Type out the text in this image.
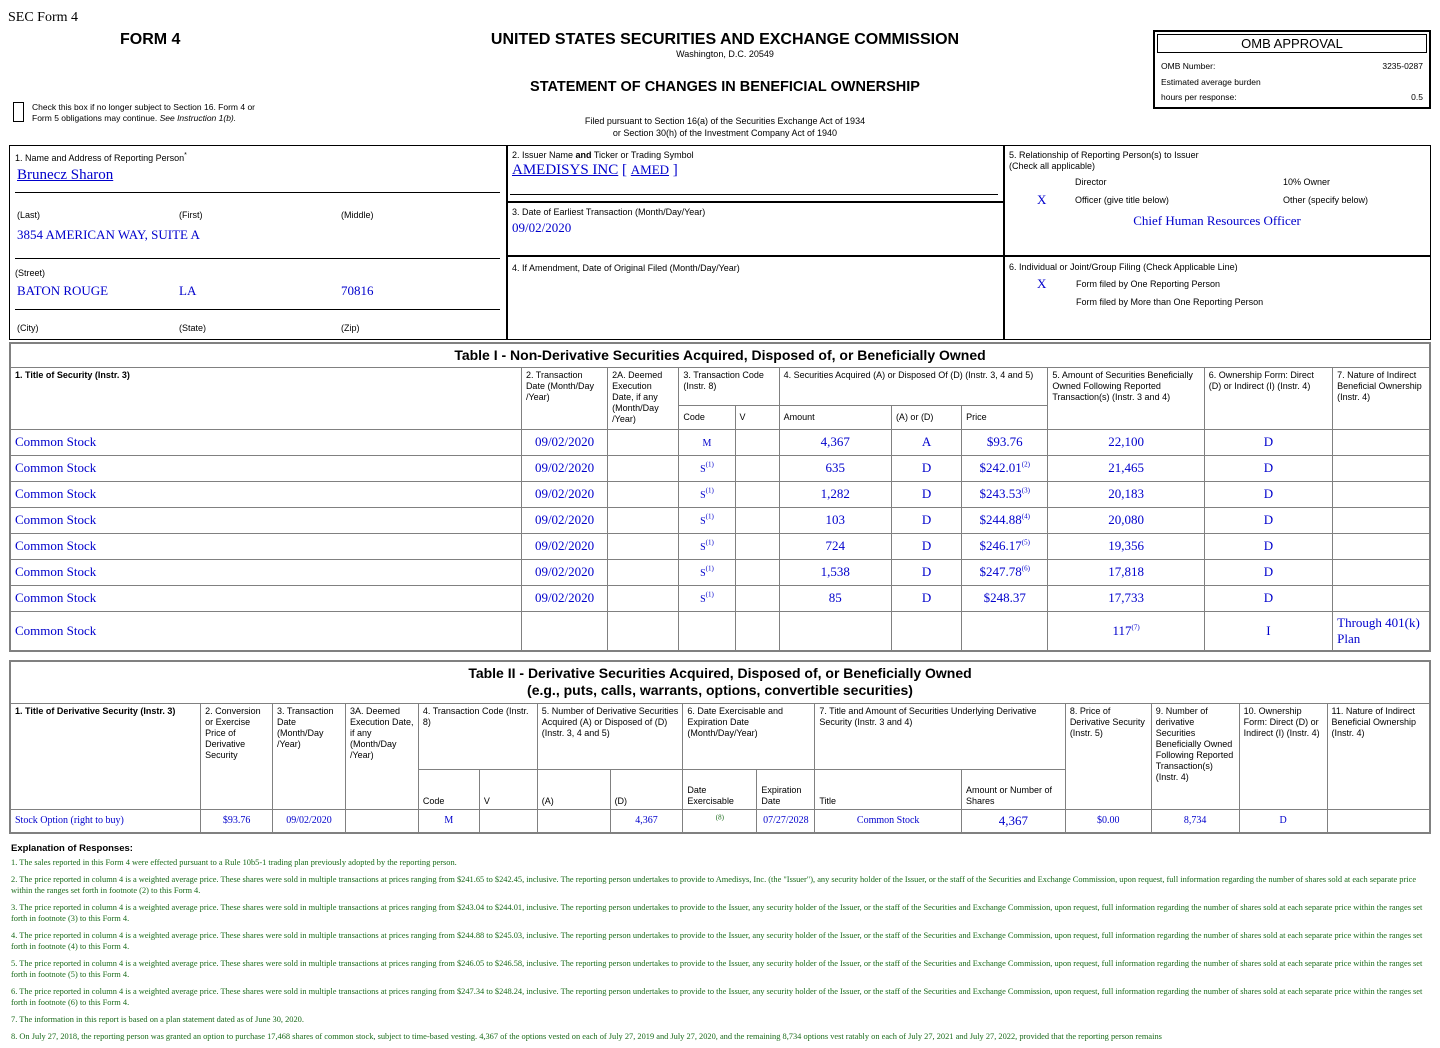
SEC Form 4
FORM 4	UNITED STATES SECURITIES AND EXCHANGE COMMISSION
Washington, D.C. 20549
STATEMENT OF CHANGES IN BENEFICIAL OWNERSHIP
Check this box if no longer subject to Section 16. Form 4 or
Form 5 obligations may continue. See Instruction 1(b).	Filed pursuant to Section 16(a) of the Securities Exchange Act of 1934
or Section 30(h) of the Investment Company Act of 1940
OMB APPROVAL
OMB Number:	3235-0287
Estimated average burden
hours per response:	0.5
1. Name and Address of Reporting Person*
Brunecz Sharon
(Last)	(First)	(Middle)
3854 AMERICAN WAY, SUITE A
(Street)
BATON ROUGE	LA	70816
(City)	(State)	(Zip)
2. Issuer Name and Ticker or Trading Symbol
AMEDISYS INC [ AMED ]
3. Date of Earliest Transaction (Month/Day/Year)
09/02/2020
4. If Amendment, Date of Original Filed (Month/Day/Year)
5. Relationship of Reporting Person(s) to Issuer
(Check all applicable)
Director	10% Owner
X	Officer (give title below)	Other (specify below)
Chief Human Resources Officer
6. Individual or Joint/Group Filing (Check Applicable Line)
X	Form filed by One Reporting Person
Form filed by More than One Reporting Person
Table I - Non-Derivative Securities Acquired, Disposed of, or Beneficially Owned										
1. Title of Security (Instr. 3)	2. Transaction Date (Month/Day /Year)	2A. Deemed Execution Date, if any (Month/Day /Year)	3. Transaction Code (Instr. 8)		4. Securities Acquired (A) or Disposed Of (D) (Instr. 3, 4 and 5)			5. Amount of Securities Beneficially Owned Following Reported Transaction(s) (Instr. 3 and 4)	6. Ownership Form: Direct (D) or Indirect (I) (Instr. 4)	7. Nature of Indirect Beneficial Ownership (Instr. 4)
			Code	V	Amount	(A) or (D)	Price			
Common Stock	09/02/2020		M		4,367	A	$93.76	22,100	D	
Common Stock	09/02/2020		$S^{(1)}$		635	D	$242.01$^{(2)}$	21,465	D	
Common Stock	09/02/2020		$S^{(1)}$		1,282	D	$243.53$^{(3)}$	20,183	D	
Common Stock	09/02/2020		$S^{(1)}$		103	D	$244.88$^{(4)}$	20,080	D	
Common Stock	09/02/2020		$S^{(1)}$		724	D	$246.17$^{(5)}$	19,356	D	
Common Stock	09/02/2020		$S^{(1)}$		1,538	D	$247.78$^{(6)}$	17,818	D	
Common Stock	09/02/2020		$S^{(1)}$		85	D	$248.37	17,733	D	
Common Stock								117$^{(7)}$	I	Through 401(k) Plan
Table II - Derivative Securities Acquired, Disposed of, or Beneficially Owned
(e.g., puts, calls, warrants, options, convertible securities)															

1. Title of Derivative Security (Instr. 3)	2. Conversion or Exercise Price of Derivative Security	3. Transaction Date (Month/Day /Year)	3A. Deemed Execution Date, if any (Month/Day /Year)	4. Transaction Code (Instr. 8)		5. Number of Derivative Securities Acquired (A) or Disposed of (D) (Instr. 3, 4 and 5)		6. Date Exercisable and Expiration Date (Month/Day/Year)		7. Title and Amount of Securities Underlying Derivative Security (Instr. 3 and 4)		8. Price of Derivative Security (Instr. 5)	9. Number of derivative Securities Beneficially Owned Following Reported Transaction(s) (Instr. 4)	10. Ownership Form: Direct (D) or Indirect (I) (Instr. 4)	11. Nature of Indirect Beneficial Ownership (Instr. 4)
				Code	V	(A)	(D)	Date Exercisable	Expiration Date	Title	Amount or Number of Shares				
Stock Option (right to buy)	$93.76	09/02/2020		M			4,367	$^{(8)}$	07/27/2028	Common Stock	4,367	$0.00	8,734	D	
Explanation of Responses:
1. The sales reported in this Form 4 were effected pursuant to a Rule 10b5-1 trading plan previously adopted by the reporting person.
2. The price reported in column 4 is a weighted average price. These shares were sold in multiple transactions at prices ranging from $241.65 to $242.45, inclusive. The reporting person undertakes to provide to Amedisys, Inc. (the "Issuer"), any security holder of the Issuer, or the staff of the Securities and Exchange Commission, upon request, full information regarding the number of shares sold at each separate price within the ranges set forth in footnote (2) to this Form 4.
3. The price reported in column 4 is a weighted average price. These shares were sold in multiple transactions at prices ranging from $243.04 to $244.01, inclusive. The reporting person undertakes to provide to the Issuer, any security holder of the Issuer, or the staff of the Securities and Exchange Commission, upon request, full information regarding the number of shares sold at each separate price within the ranges set forth in footnote (3) to this Form 4.
4. The price reported in column 4 is a weighted average price. These shares were sold in multiple transactions at prices ranging from $244.88 to $245.03, inclusive. The reporting person undertakes to provide to the Issuer, any security holder of the Issuer, or the staff of the Securities and Exchange Commission, upon request, full information regarding the number of shares sold at each separate price within the ranges set forth in footnote (4) to this Form 4.
5. The price reported in column 4 is a weighted average price. These shares were sold in multiple transactions at prices ranging from $246.05 to $246.58, inclusive. The reporting person undertakes to provide to the Issuer, any security holder of the Issuer, or the staff of the Securities and Exchange Commission, upon request, full information regarding the number of shares sold at each separate price within the ranges set forth in footnote (5) to this Form 4.
6. The price reported in column 4 is a weighted average price. These shares were sold in multiple transactions at prices ranging from $247.34 to $248.24, inclusive. The reporting person undertakes to provide to the Issuer, any security holder of the Issuer, or the staff of the Securities and Exchange Commission, upon request, full information regarding the number of shares sold at each separate price within the ranges set forth in footnote (6) to this Form 4.
7. The information in this report is based on a plan statement dated as of June 30, 2020.
8. On July 27, 2018, the reporting person was granted an option to purchase 17,468 shares of common stock, subject to time-based vesting. 4,367 of the options vested on each of July 27, 2019 and July 27, 2020, and the remaining 8,734 options vest ratably on each of July 27, 2021 and July 27, 2022, provided that the reporting person remains
